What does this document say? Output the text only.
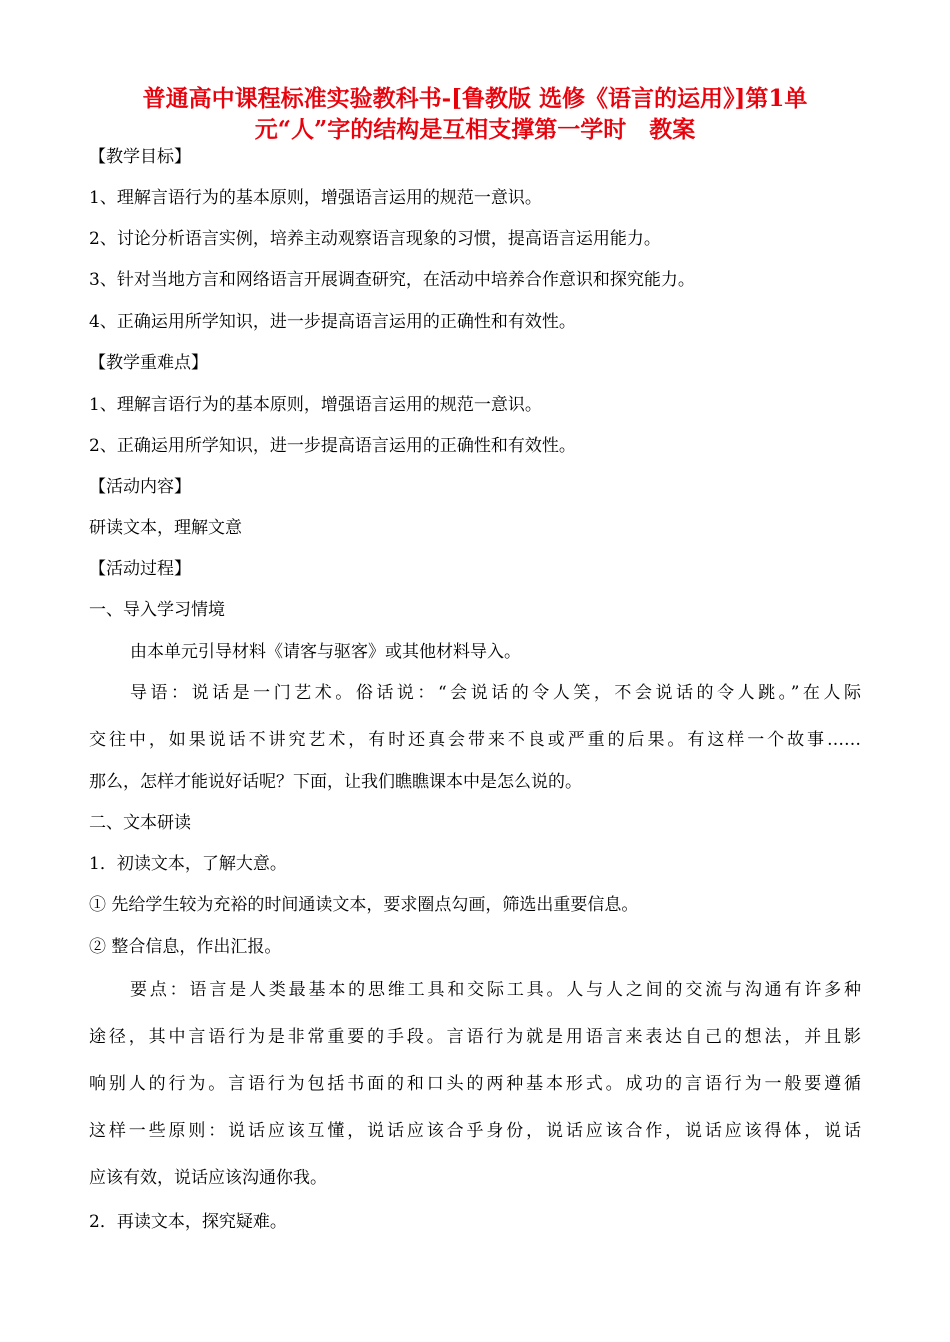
普通高中课程标准实验教科书-[鲁教版 选修《语言的运用》]第1单
元“人”字的结构是互相支撑第一学时　教案
【教学目标】
1、理解言语行为的基本原则，增强语言运用的规范一意识。
2、讨论分析语言实例，培养主动观察语言现象的习惯，提高语言运用能力。
3、针对当地方言和网络语言开展调查研究，在活动中培养合作意识和探究能力。
4、正确运用所学知识，进一步提高语言运用的正确性和有效性。
【教学重难点】
1、理解言语行为的基本原则，增强语言运用的规范一意识。
2、正确运用所学知识，进一步提高语言运用的正确性和有效性。
【活动内容】
研读文本，理解文意
【活动过程】
一、导入学习情境
由本单元引导材料《请客与驱客》或其他材料导入。
导语：说话是一门艺术。俗话说：“会说话的令人笑，不会说话的令人跳。”在人际
交往中，如果说话不讲究艺术，有时还真会带来不良或严重的后果。有这样一个故事……
那么，怎样才能说好话呢？下面，让我们瞧瞧课本中是怎么说的。
二、文本研读
1．初读文本，了解大意。
① 先给学生较为充裕的时间通读文本，要求圈点勾画，筛选出重要信息。
② 整合信息，作出汇报。
要点：语言是人类最基本的思维工具和交际工具。人与人之间的交流与沟通有许多种
途径，其中言语行为是非常重要的手段。言语行为就是用语言来表达自己的想法，并且影
响别人的行为。言语行为包括书面的和口头的两种基本形式。成功的言语行为一般要遵循
这样一些原则：说话应该互懂，说话应该合乎身份，说话应该合作，说话应该得体，说话
应该有效，说话应该沟通你我。
2．再读文本，探究疑难。
